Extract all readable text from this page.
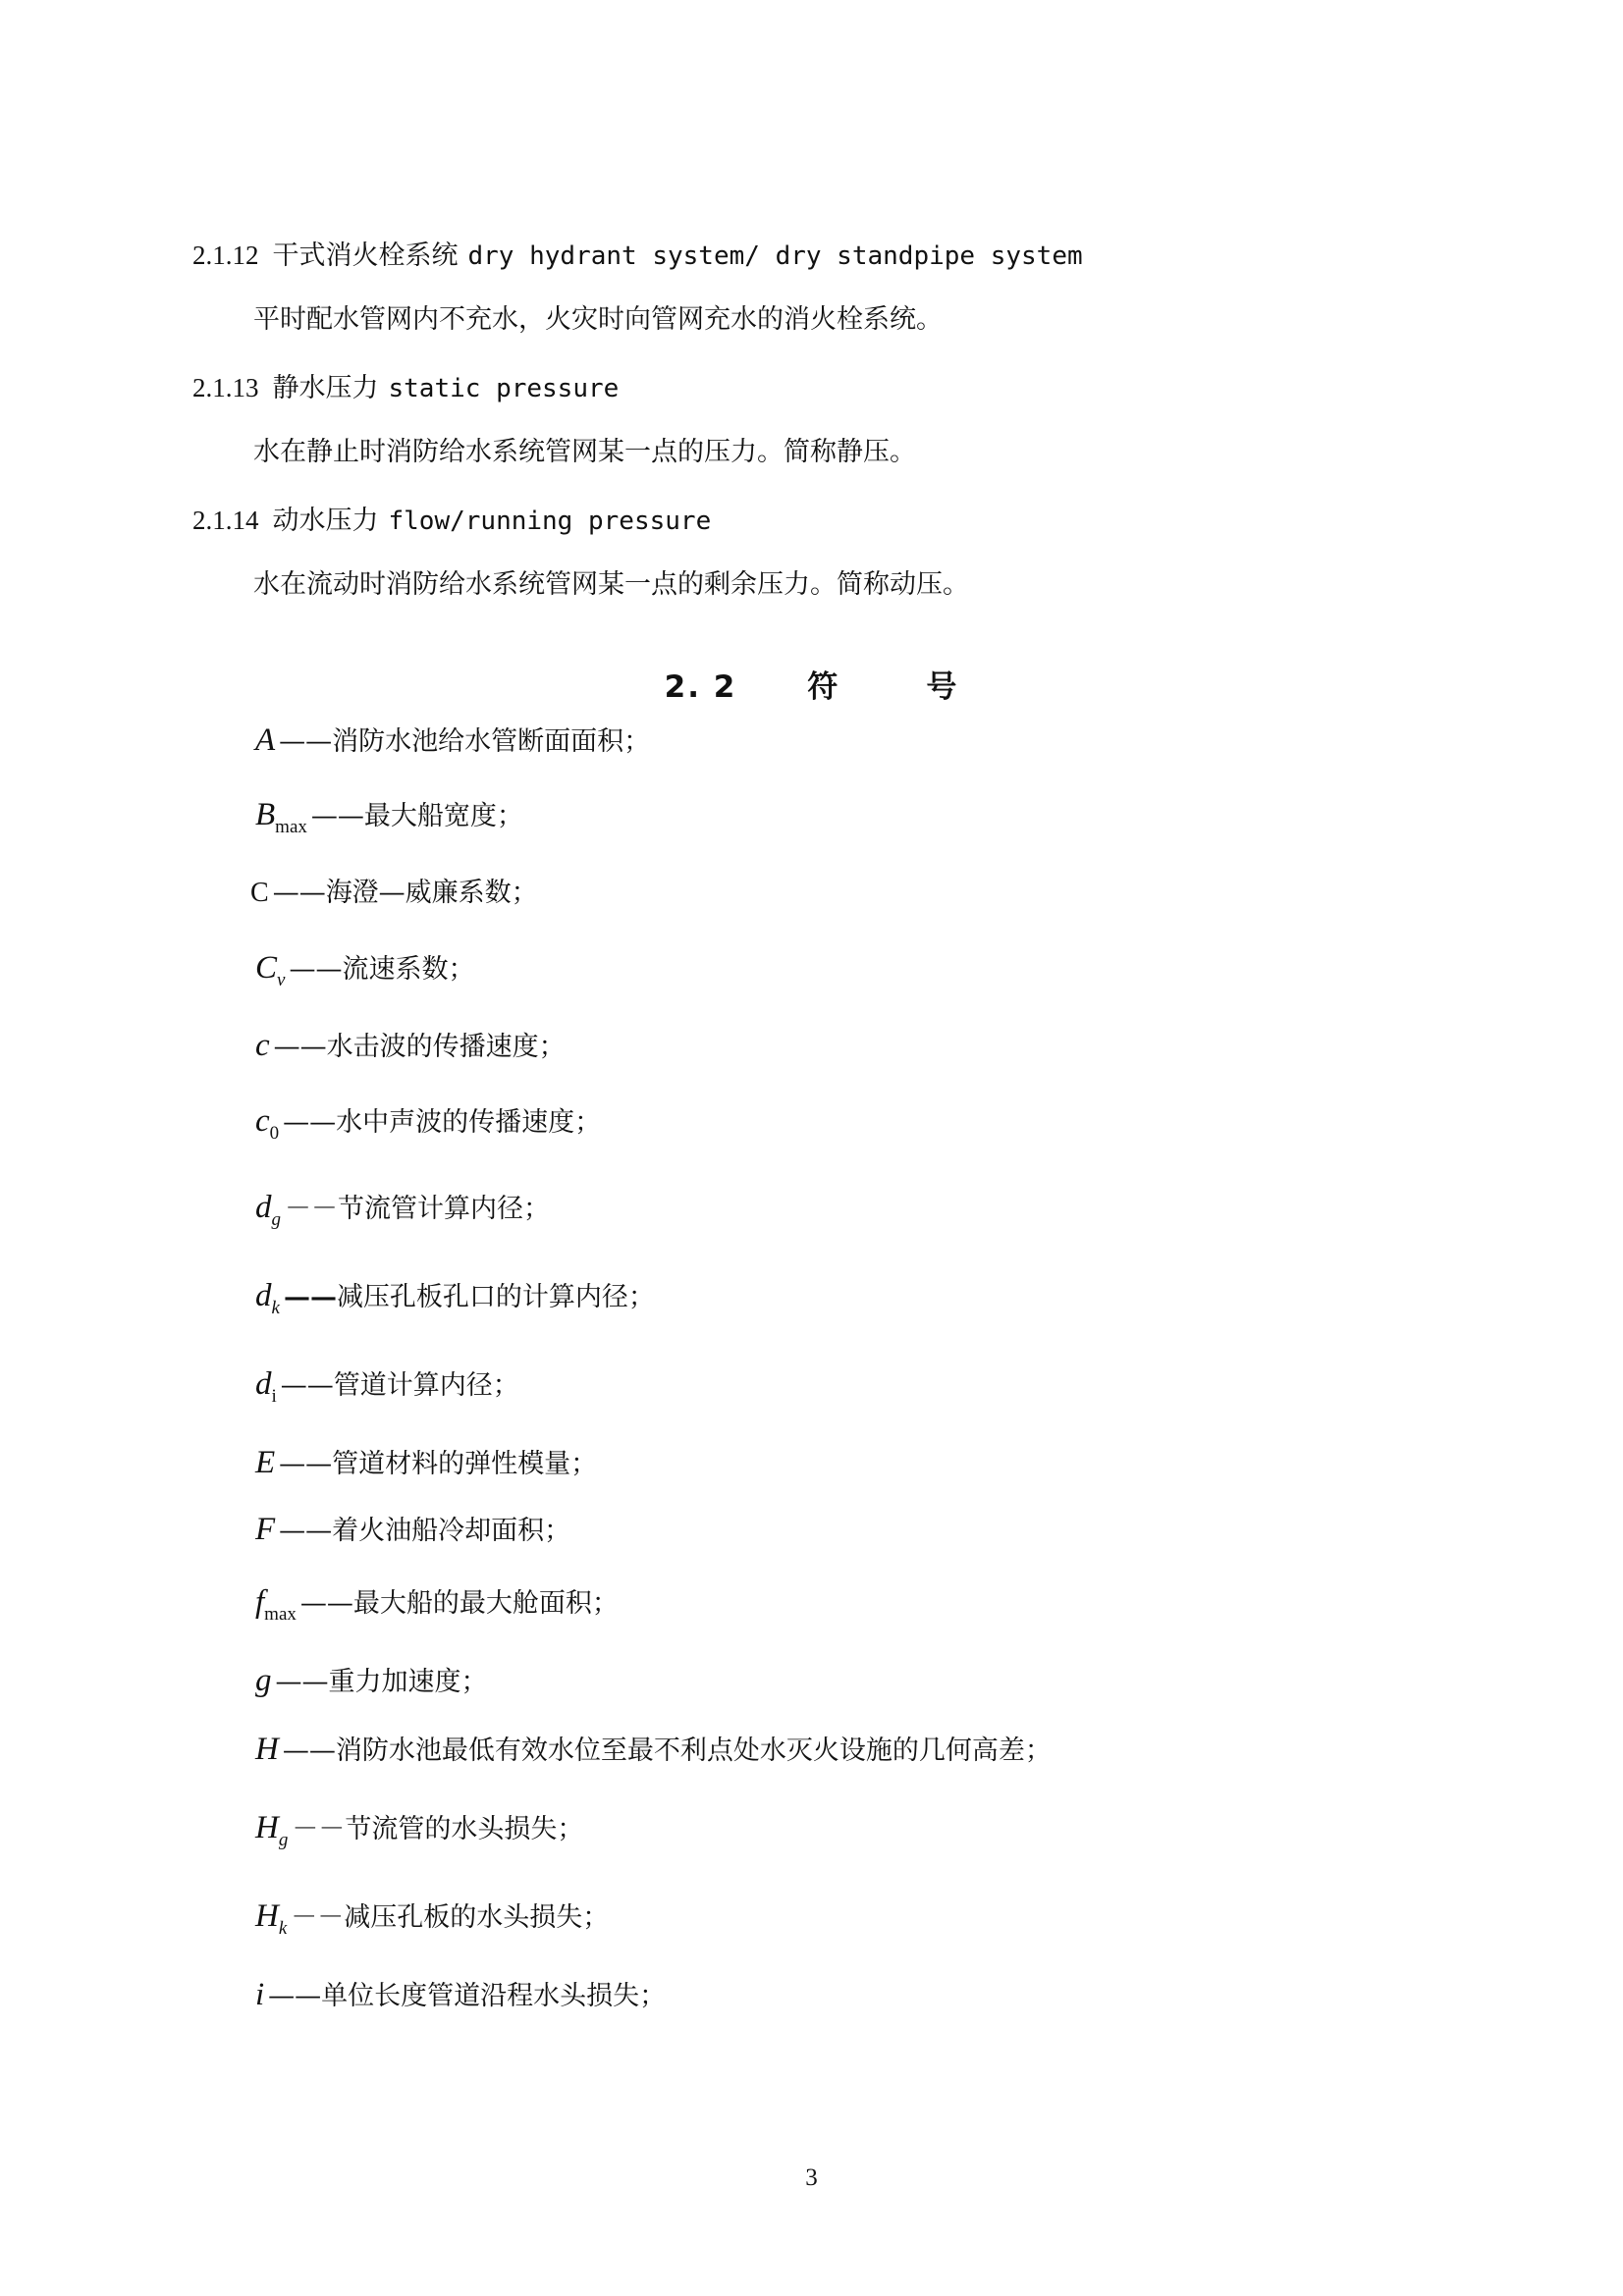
2.1.12 干式消火栓系统 dry hydrant system/ dry standpipe system
平时配水管网内不充水，火灾时向管网充水的消火栓系统。
2.1.13 静水压力 static pressure
水在静止时消防给水系统管网某一点的压力。简称静压。
2.1.14 动水压力 flow/running pressure
水在流动时消防给水系统管网某一点的剩余压力。简称动压。
2. 2 符	号
A ——消防水池给水管断面面积；
$B_{max}$ ——最大船宽度；
C ——海澄—威廉系数；
$C_v$ ——流速系数；
c ——水击波的传播速度；
$c_0$ ——水中声波的传播速度；
$d_g$ －－节流管计算内径；
$d_k$ ——减压孔板孔口的计算内径；
$d_i$ ——管道计算内径；
E ——管道材料的弹性模量；
F ——着火油船冷却面积；
$f_{max}$ ——最大船的最大舱面积；
g ——重力加速度；
H ——消防水池最低有效水位至最不利点处水灭火设施的几何高差；
$H_g$ －－节流管的水头损失；
$H_k$ －－减压孔板的水头损失；
i ——单位长度管道沿程水头损失；
3
